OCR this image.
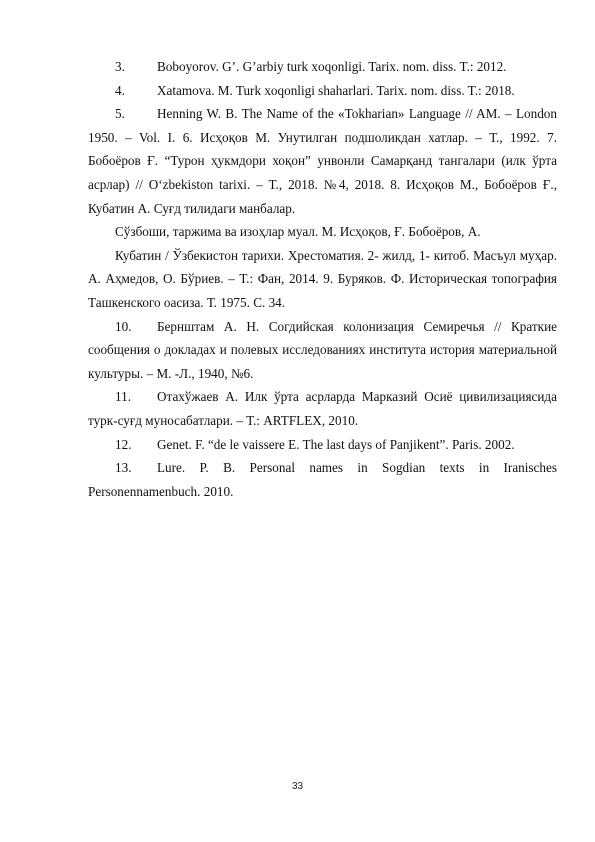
3. Boboyorov. G’. G’arbiy turk xoqonligi. Tarix. nom. diss. T.: 2012.

4. Xatamova. M. Turk xoqonligi shaharlari. Tarix. nom. diss. T.: 2018.

5. Henning W. B. The Name of the «Tokharian» Language // AM. – London 1950. – Vol. I. 6. Исҳоқов М. Унутилган подшоликдан хатлар. – Т., 1992. 7. Бобоёров Ғ. “Турон ҳукмдори хоқон” унвонли Самарқанд тангалари (илк ўрта асрлар) // O‘zbekiston tarixi. – T., 2018. №4, 2018. 8. Исҳоқов М., Бобоёров Ғ., Кубатин А. Суғд тилидаги манбалар.

Сўзбоши, таржима ва изоҳлар муал. М. Исҳоқов, Ғ. Бобоёров, А.

Кубатин / Ўзбекистон тарихи. Хрестоматия. 2- жилд, 1- китоб. Масъул муҳар. А. Аҳмедов, О. Бўриев. – Т.: Фан, 2014. 9. Буряков. Ф. Историческая топография Ташкенского оасиза. Т. 1975. С. 34.

10. Бернштам А. Н. Согдийская колонизация Семиречья // Краткие сообщения о докладах и полевых исследованиях института история материальной культуры. – М. -Л., 1940, №6.

11. Отахўжаев А. Илк ўрта асрларда Марказий Осиё цивилизациясида турк-суғд муносабатлари. – Т.: ARTFLEX, 2010.

12. Genet. F. “de le vaissere E. The last days of Panjikent”. Paris. 2002.

13. Lure. P. B. Personal names in Sogdian texts in Iranisches Personennamenbuch. 2010.

33
